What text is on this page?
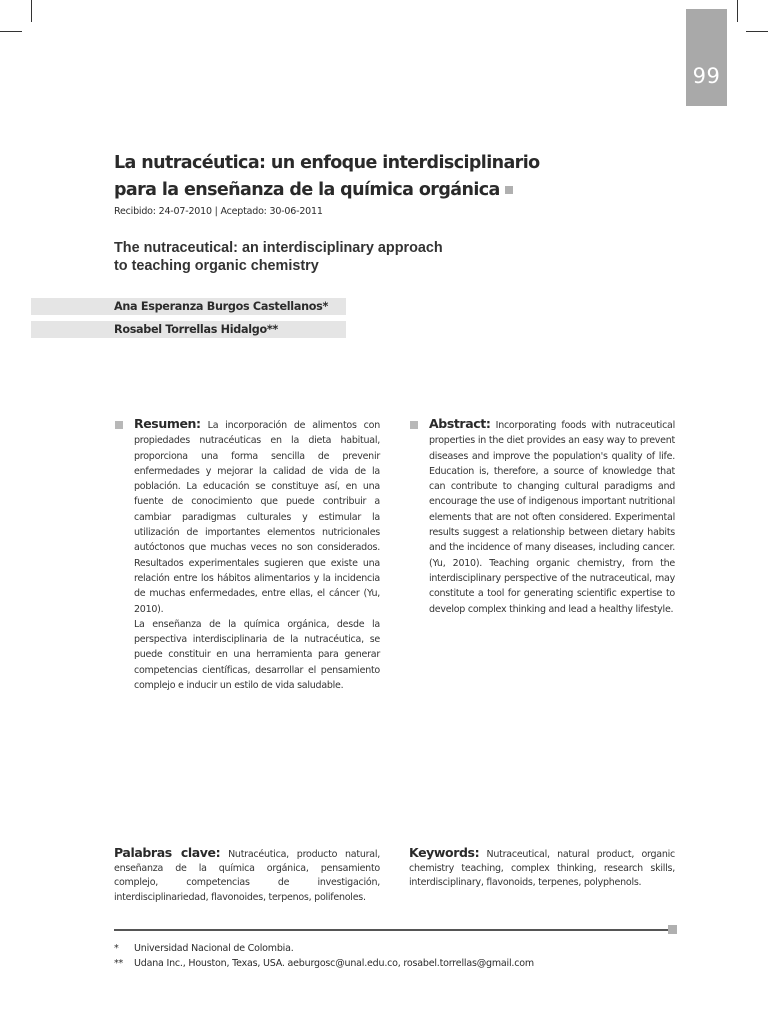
99
La nutracéutica: un enfoque interdisciplinario
para la enseñanza de la química orgánica
Recibido: 24-07-2010 | Aceptado: 30-06-2011
The nutraceutical: an interdisciplinary approach
to teaching organic chemistry
Ana Esperanza Burgos Castellanos*
Rosabel Torrellas Hidalgo**

Resumen: La incorporación de alimentos con propiedades nutracéuticas en la dieta habitual, proporciona una forma sencilla de prevenir enfermedades y mejorar la calidad de vida de la población. La educación se constituye así, en una fuente de conocimiento que puede contribuir a cambiar paradigmas culturales y estimular la utilización de importantes elementos nutricionales autóctonos que muchas veces no son considerados. Resultados experimentales sugieren que existe una relación entre los hábitos alimentarios y la incidencia de muchas enfermedades, entre ellas, el cáncer (Yu, 2010).

La enseñanza de la química orgánica, desde la perspectiva interdisciplinaria de la nutracéutica, se puede constituir en una herramienta para generar competencias científicas, desarrollar el pensamiento complejo e inducir un estilo de vida saludable.

Abstract: Incorporating foods with nutraceutical properties in the diet provides an easy way to prevent diseases and improve the population's quality of life. Education is, therefore, a source of knowledge that can contribute to changing cultural paradigms and encourage the use of indigenous important nutritional elements that are not often considered. Experimental results suggest a relationship between dietary habits and the incidence of many diseases, including cancer. (Yu, 2010). Teaching organic chemistry, from the interdisciplinary perspective of the nutraceutical, may constitute a tool for generating scientific expertise to develop complex thinking and lead a healthy lifestyle.

Palabras clave: Nutracéutica, producto natural, enseñanza de la química orgánica, pensamiento complejo, competencias de investigación, interdisciplinariedad, flavonoides, terpenos, polifenoles.

Keywords: Nutraceutical, natural product, organic chemistry teaching, complex thinking, research skills, interdisciplinary, flavonoids, terpenes, polyphenols.

* Universidad Nacional de Colombia.
** Udana Inc., Houston, Texas, USA. aeburgosc@unal.edu.co, rosabel.torrellas@gmail.com
